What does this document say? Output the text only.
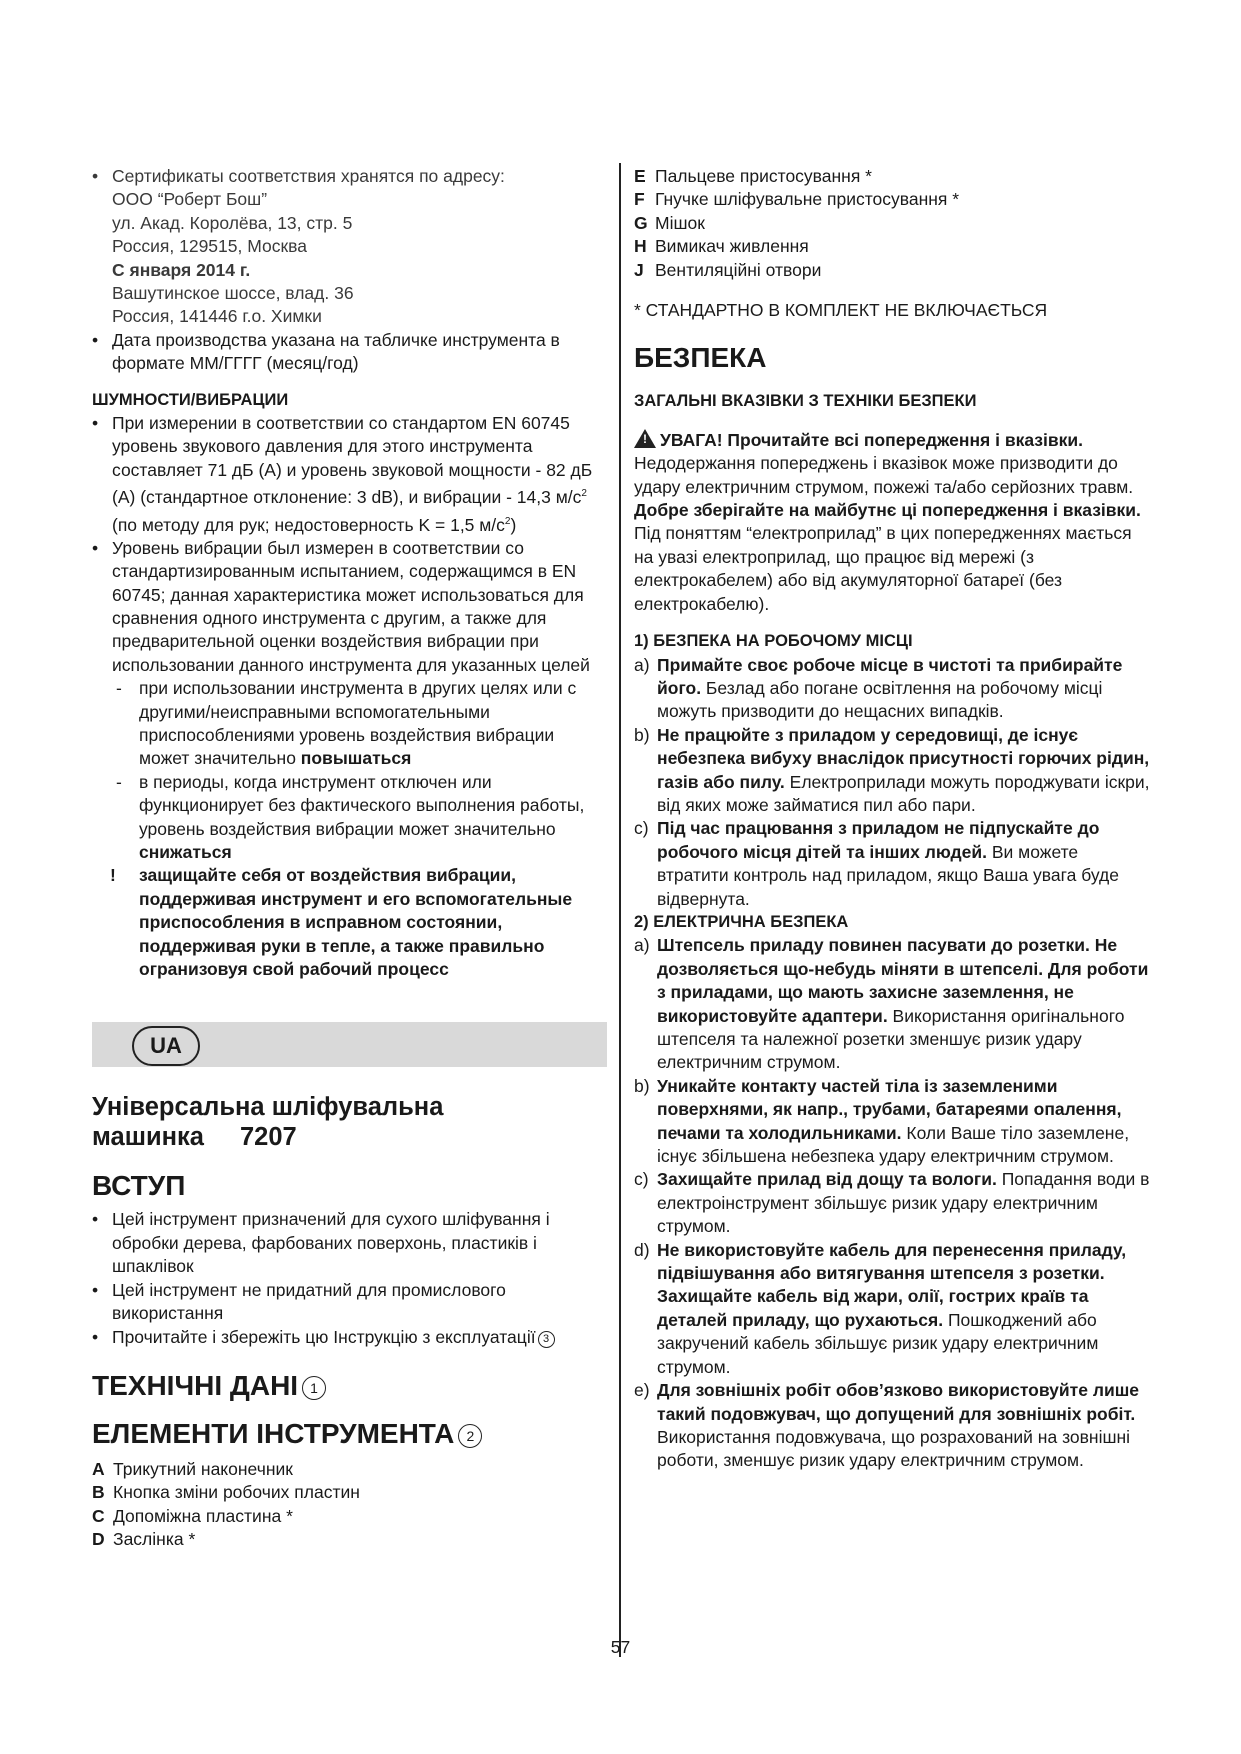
• Сертификаты соответствия хранятся по адресу:

ООО “Роберт Бош”

ул. Акад. Королёва, 13, стр. 5

Россия, 129515, Москва

С января 2014 г.

Вашутинское шоссе, влад. 36

Россия, 141446 г.о. Химки

• Дата производства указана на табличке инструмента в формате ММ/ГГГГ (месяц/год)
ШУМНОСТИ/ВИБРАЦИИ
• При измерении в соответствии со стандартом EN 60745 уровень звукового давления для этого инструмента составляет 71 дБ (A) и уровень звуковой мощности - 82 дБ (A) (стандартное отклонение: 3 dB), и вибрации - 14,3 $м/с^2$ (по методу для рук; недостоверность K = 1,5 $м/с^2$)
• Уровень вибрации был измерен в соответствии со стандартизированным испытанием, содержащимся в EN 60745; данная характеристика может использоваться для сравнения одного инструмента с другим, а также для предварительной оценки воздействия вибрации при использовании данного инструмента для указанных целей
- при использовании инструмента в других целях или с другими/неисправными вспомогательными приспособлениями уровень воздействия вибрации может значительно повышаться
- в периоды, когда инструмент отключен или функционирует без фактического выполнения работы, уровень воздействия вибрации может значительно снижаться
! защищайте себя от воздействия вибрации, поддерживая инструмент и его вспомогательные приспособления в исправном состоянии, поддерживая руки в тепле, а также правильно огранизовуя свой рабочий процесс
UA
Універсальна шліфувальна
машинка 7207
ВСТУП
• Цей інструмент призначений для сухого шліфування і обробки дерева, фарбованих поверхонь, пластиків і шпаклівок
• Цей інструмент не придатний для промислового використання
• Прочитайте і збережіть цю Інструкцію з експлуатації 3
ТЕХНІЧНІ ДАНІ 1
ЕЛЕМЕНТИ ІНСТРУМЕНТА 2
A Трикутний наконечник
B Кнопка зміни робочих пластин
C Допоміжна пластина *
D Заслінка *
E Пальцеве пристосування *
F Гнучке шліфувальне пристосування *
G Мішок
H Вимикач живлення
J Вентиляційні отвори
* СТАНДАРТНО В КОМПЛЕКТ НЕ ВКЛЮЧАЄТЬСЯ
БЕЗПЕКА
ЗАГАЛЬНІ ВКАЗІВКИ З ТЕХНІКИ БЕЗПЕКИ
! УВАГА! Прочитайте всі попередження і вказівки. Недодержання попереджень і вказівок може призводити до удару електричним струмом, пожежі та/або серйозних травм. Добре зберігайте на майбутнє ці попередження і вказівки. Під поняттям “електроприлад” в цих попередженнях мається на увазі електроприлад, що працює від мережі (з електрокабелем) або від акумуляторної батареї (без електрокабелю).
1) БЕЗПЕКА НА РОБОЧОМУ МІСЦІ
a) Примайте своє робоче місце в чистоті та прибирайте його. Безлад або погане освітлення на робочому місці можуть призводити до нещасних випадків.
b) Не працюйте з приладом у середовищі, де існує небезпека вибуху внаслідок присутності горючих рідин, газів або пилу. Електроприлади можуть породжувати іскри, від яких може займатися пил або пари.
c) Під час працювання з приладом не підпускайте до робочого місця дітей та інших людей. Ви можете втратити контроль над приладом, якщо Ваша увага буде відвернута.
2) ЕЛЕКТРИЧНА БЕЗПЕКА
a) Штепсель приладу повинен пасувати до розетки. Не дозволяється що-небудь міняти в штепселі. Для роботи з приладами, що мають захисне заземлення, не використовуйте адаптери. Використання оригінального штепселя та належної розетки зменшує ризик удару електричним струмом.
b) Уникайте контакту частей тіла із заземленими поверхнями, як напр., трубами, батареями опалення, печами та холодильниками. Коли Ваше тіло заземлене, існує збільшена небезпека удару електричним струмом.
c) Захищайте прилад від дощу та вологи. Попадання води в електроінструмент збільшує ризик удару електричним струмом.
d) Не використовуйте кабель для перенесення приладу, підвішування або витягування штепселя з розетки. Захищайте кабель від жари, олії, гострих країв та деталей приладу, що рухаються. Пошкоджений або закручений кабель збільшує ризик удару електричним струмом.
e) Для зовнішніх робіт обов’язково використовуйте лише такий подовжувач, що допущений для зовнішніх робіт. Використання подовжувача, що розрахований на зовнішні роботи, зменшує ризик удару електричним струмом.
57
